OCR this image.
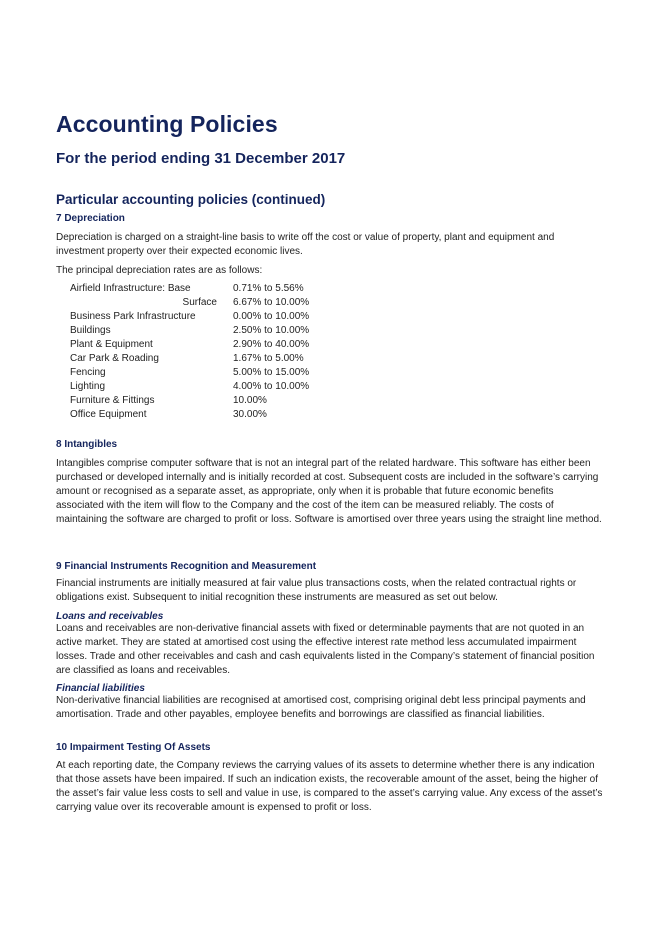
Accounting Policies
For the period ending 31 December 2017
Particular accounting policies (continued)
7 Depreciation

Depreciation is charged on a straight-line basis to write off the cost or value of property, plant and equipment and investment property over their expected economic lives.

The principal depreciation rates are as follows:

Airfield Infrastructure: Base	0.71% to 5.56%
Surface 6.67% to 10.00%
Business Park Infrastructure	0.00% to 10.00%
Buildings	2.50% to 10.00%
Plant & Equipment	2.90% to 40.00%
Car Park & Roading	1.67% to 5.00%
Fencing	5.00% to 15.00%
Lighting	4.00% to 10.00%
Furniture & Fittings	10.00%
Office Equipment	30.00%
8 Intangibles

Intangibles comprise computer software that is not an integral part of the related hardware. This software has either been purchased or developed internally and is initially recorded at cost. Subsequent costs are included in the software’s carrying amount or recognised as a separate asset, as appropriate, only when it is probable that future economic benefits associated with the item will flow to the Company and the cost of the item can be measured reliably. The costs of maintaining the software are charged to profit or loss. Software is amortised over three years using the straight line method.

9 Financial Instruments Recognition and Measurement

Financial instruments are initially measured at fair value plus transactions costs, when the related contractual rights or obligations exist. Subsequent to initial recognition these instruments are measured as set out below.

Loans and receivables

Loans and receivables are non-derivative financial assets with fixed or determinable payments that are not quoted in an active market. They are stated at amortised cost using the effective interest rate method less accumulated impairment losses. Trade and other receivables and cash and cash equivalents listed in the Company’s statement of financial position are classified as loans and receivables.

Financial liabilities

Non-derivative financial liabilities are recognised at amortised cost, comprising original debt less principal payments and amortisation. Trade and other payables, employee benefits and borrowings are classified as financial liabilities.

10 Impairment Testing Of Assets

At each reporting date, the Company reviews the carrying values of its assets to determine whether there is any indication that those assets have been impaired. If such an indication exists, the recoverable amount of the asset, being the higher of the asset’s fair value less costs to sell and value in use, is compared to the asset’s carrying value. Any excess of the asset’s carrying value over its recoverable amount is expensed to profit or loss.
